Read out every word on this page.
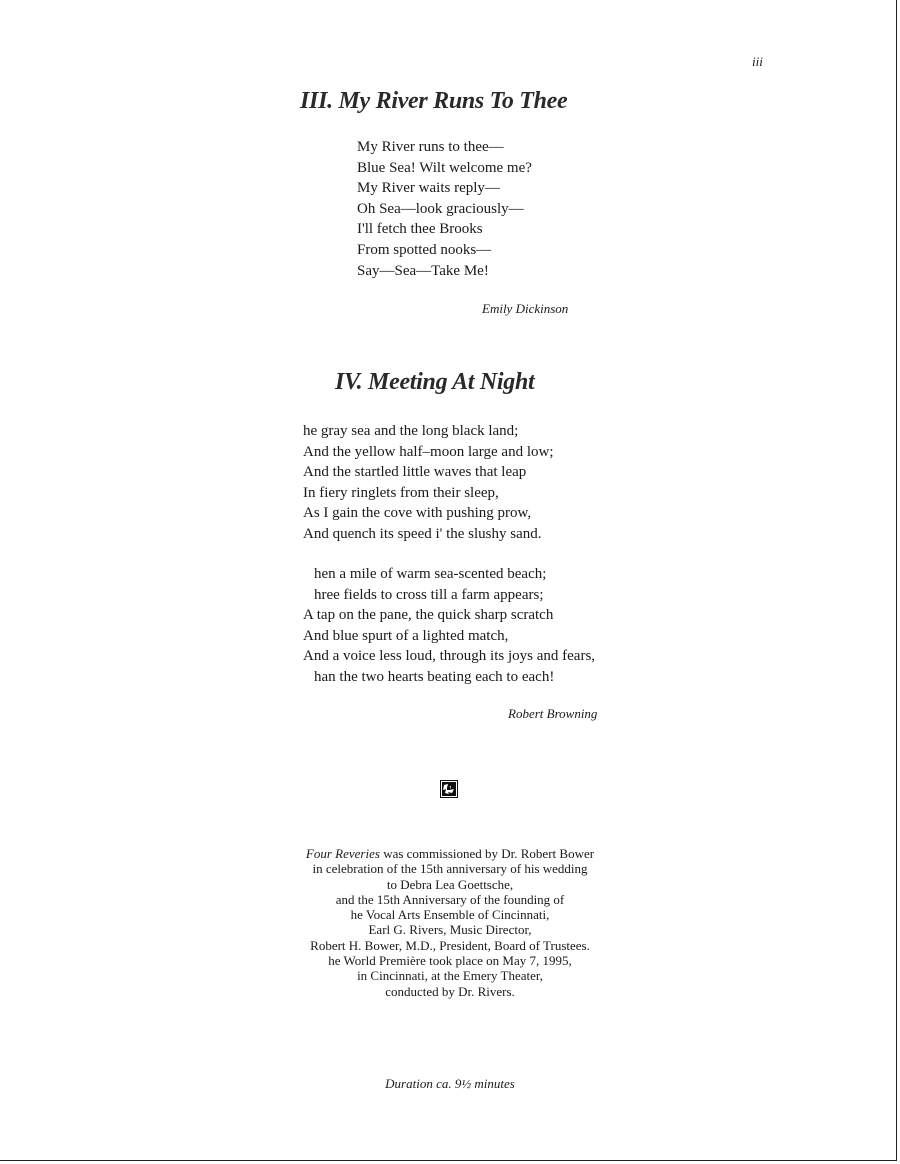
iii
III. My River Runs To Thee
My River runs to thee—
Blue Sea! Wilt welcome me?
My River waits reply—
Oh Sea—look graciously—
I'll fetch thee Brooks
From spotted nooks—
Say—Sea—Take Me!
Emily Dickinson
IV. Meeting At Night
he gray sea and the long black land;
And the yellow half–moon large and low;
And the startled little waves that leap
In fiery ringlets from their sleep,
As I gain the cove with pushing prow,
And quench its speed i' the slushy sand.
hen a mile of warm sea-scented beach;
hree fields to cross till a farm appears;
A tap on the pane, the quick sharp scratch
And blue spurt of a lighted match,
And a voice less loud, through its joys and fears,
han the two hearts beating each to each!
Robert Browning
Four Reveries was commissioned by Dr. Robert Bower
in celebration of the 15th anniversary of his wedding
to Debra Lea Goettsche,
and the 15th Anniversary of the founding of
he Vocal Arts Ensemble of Cincinnati,
Earl G. Rivers, Music Director,
Robert H. Bower, M.D., President, Board of Trustees.
he World Première took place on May 7, 1995,
in Cincinnati, at the Emery Theater,
conducted by Dr. Rivers.
Duration ca. 9½ minutes
